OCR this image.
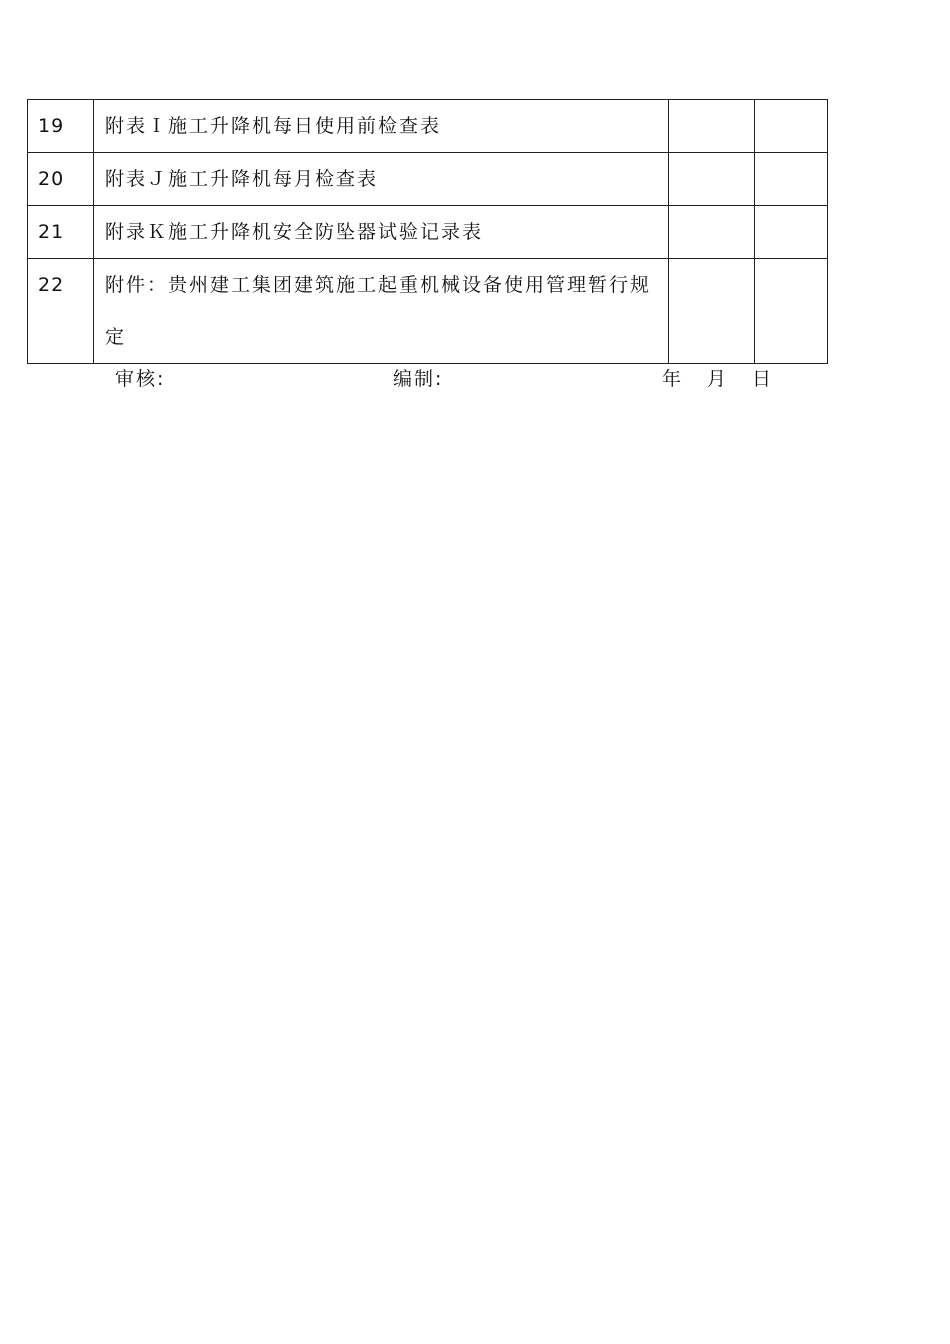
19	附表Ｉ施工升降机每日使用前检查表		
20	附表Ｊ施工升降机每月检查表		
21	附录Ｋ施工升降机安全防坠器试验记录表		
22	附件：贵州建工集团建筑施工起重机械设备使用管理暂行规定		
审核:	编制:	年 月 日
